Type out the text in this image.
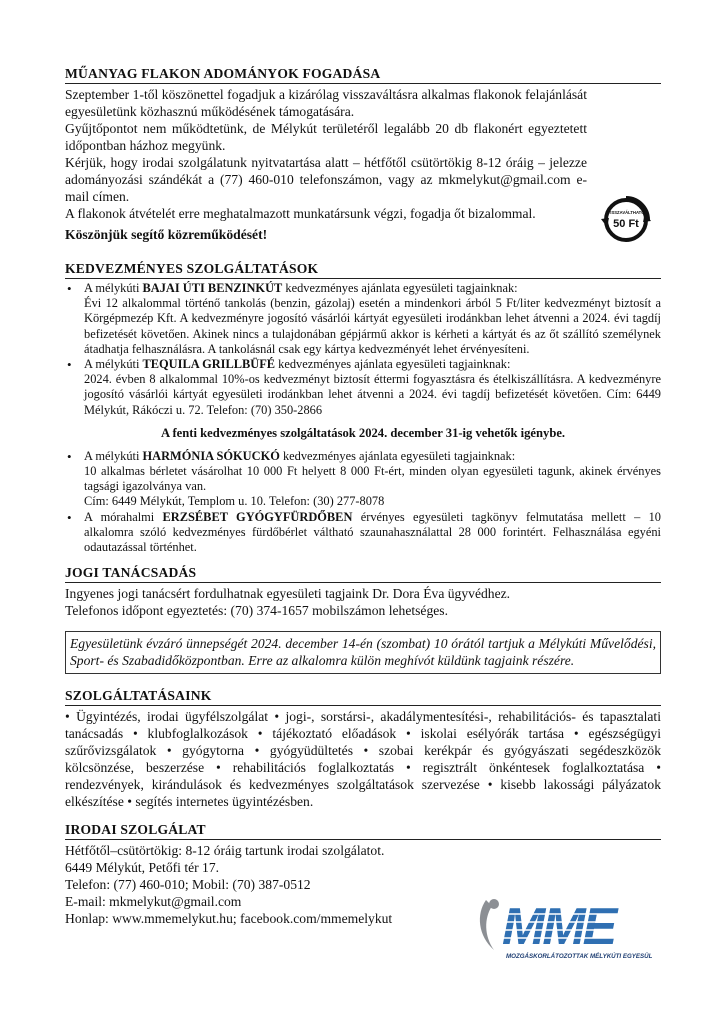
MŰANYAG FLAKON ADOMÁNYOK FOGADÁSA

Szeptember 1-től köszönettel fogadjuk a kizárólag visszaváltásra alkalmas flakonok felajánlását egyesületünk közhasznú működésének támogatására.

Gyűjtőpontot nem működtetünk, de Mélykút területéről legalább 20 db flakonért egyeztetett időpontban házhoz megyünk.

Kérjük, hogy irodai szolgálatunk nyitvatartása alatt – hétfőtől csütörtökig 8-12 óráig – jelezze adományozási szándékát a (77) 460-010 telefonszámon, vagy az mkmelykut@gmail.com e-mail címen.

A flakonok átvételét erre meghatalmazott munkatársunk végzi, fogadja őt bizalommal.

Köszönjük segítő közreműködését!

KEDVEZMÉNYES SZOLGÁLTATÁSOK
• A mélykúti BAJAI ÚTI BENZINKÚT kedvezményes ajánlata egyesületi tagjainknak:
Évi 12 alkalommal történő tankolás (benzin, gázolaj) esetén a mindenkori árból 5 Ft/liter kedvezményt biztosít a Körgépmezép Kft. A kedvezményre jogosító vásárlói kártyát egyesületi irodánkban lehet átvenni a 2024. évi tagdíj befizetését követően. Akinek nincs a tulajdonában gépjármű akkor is kérheti a kártyát és az őt szállító személynek átadhatja felhasználásra. A tankolásnál csak egy kártya kedvezményét lehet érvényesíteni.
• A mélykúti TEQUILA GRILLBÜFÉ kedvezményes ajánlata egyesületi tagjainknak:
2024. évben 8 alkalommal 10%-os kedvezményt biztosít éttermi fogyasztásra és ételkiszállításra. A kedvezményre jogosító vásárlói kártyát egyesületi irodánkban lehet átvenni a 2024. évi tagdíj befizetését követően. Cím: 6449 Mélykút, Rákóczi u. 72. Telefon: (70) 350-2866

A fenti kedvezményes szolgáltatások 2024. december 31-ig vehetők igénybe.

• A mélykúti HARMÓNIA SÓKUCKÓ kedvezményes ajánlata egyesületi tagjainknak:
10 alkalmas bérletet vásárolhat 10 000 Ft helyett 8 000 Ft-ért, minden olyan egyesületi tagunk, akinek érvényes tagsági igazolványa van.
Cím: 6449 Mélykút, Templom u. 10. Telefon: (30) 277-8078
• A mórahalmi ERZSÉBET GYÓGYFÜRDŐBEN érvényes egyesületi tagkönyv felmutatása mellett – 10 alkalomra szóló kedvezményes fürdőbérlet váltható szaunahasználattal 28 000 forintért. Felhasználása egyéni odautazással történhet.
JOGI TANÁCSADÁS

Ingyenes jogi tanácsért fordulhatnak egyesületi tagjaink Dr. Dora Éva ügyvédhez.

Telefonos időpont egyeztetés: (70) 374-1657 mobilszámon lehetséges.

Egyesületünk évzáró ünnepségét 2024. december 14-én (szombat) 10 órától tartjuk a Mélykúti Művelődési, Sport- és Szabadidőközpontban. Erre az alkalomra külön meghívót küldünk tagjaink részére.
SZOLGÁLTATÁSAINK

• Ügyintézés, irodai ügyfélszolgálat • jogi-, sorstársi-, akadálymentesítési-, rehabilitációs- és tapasztalati tanácsadás • klubfoglalkozások • tájékoztató előadások • iskolai esélyórák tartása • egészségügyi szűrővizsgálatok • gyógytorna • gyógyüdültetés • szobai kerékpár és gyógyászati segédeszközök kölcsönzése, beszerzése • rehabilitációs foglalkoztatás • regisztrált önkéntesek foglalkoztatása • rendezvények, kirándulások és kedvezményes szolgáltatások szervezése • kisebb lakossági pályázatok elkészítése • segítés internetes ügyintézésben.

IRODAI SZOLGÁLAT

Hétfőtől–csütörtökig: 8-12 óráig tartunk irodai szolgálatot.

6449 Mélykút, Petőfi tér 17.

Telefon: (77) 460-010; Mobil: (70) 387-0512

E-mail: mkmelykut@gmail.com

Honlap: www.mmemelykut.hu; facebook.com/mmemelykut

VISSZAVÁLTHATÓ
50 Ft
MME
MOZGÁSKORLÁTOZOTTAK MÉLYKÚTI EGYESÜLETE
